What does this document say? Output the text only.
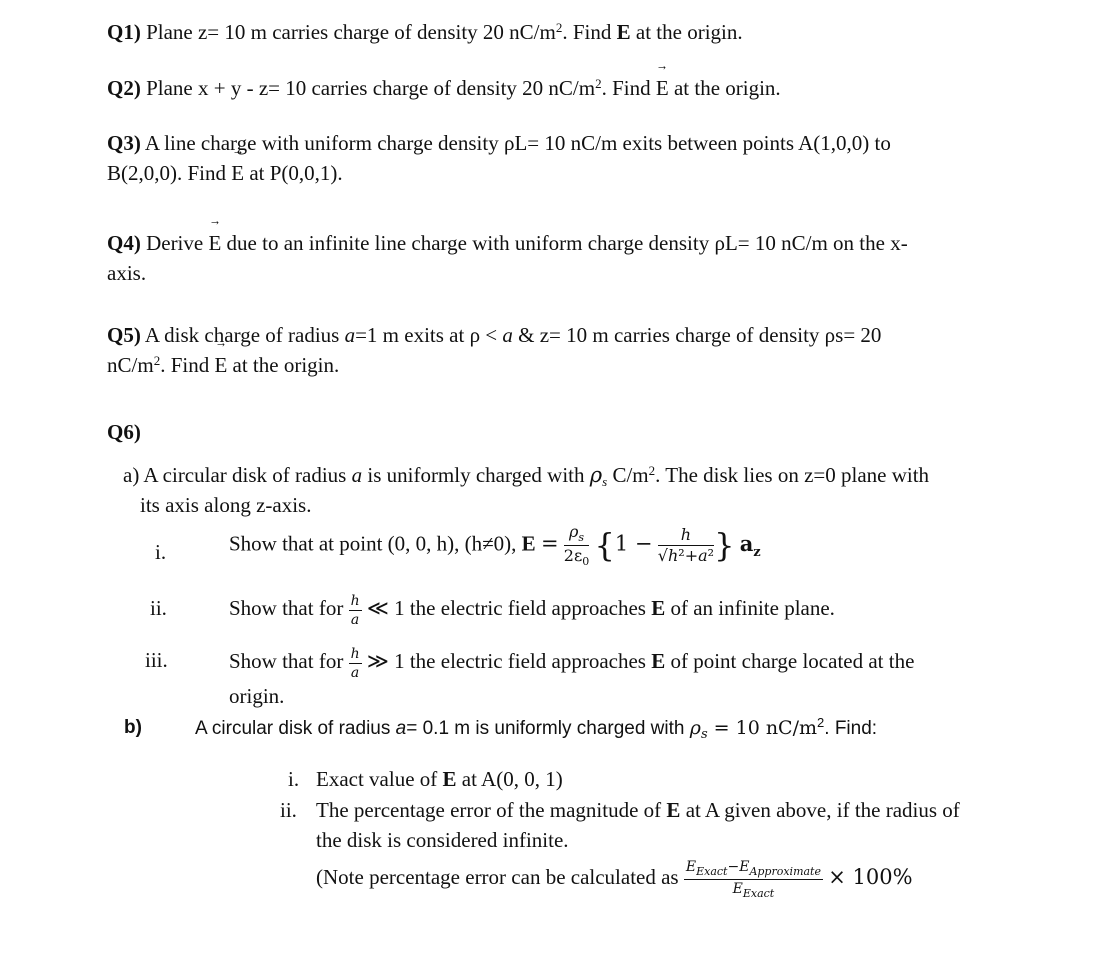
Q1) Plane z= 10 m carries charge of density 20 $nC/m^2$. Find E at the origin.
Q2) Plane x + y - z= 10 carries charge of density 20 $nC/m^2$. Find → E at the origin.
Q3) A line charge with uniform charge density ρL= 10 nC/m exits between points A(1,0,0) to
B(2,0,0). Find → E at P(0,0,1).
Q4) Derive → E due to an infinite line charge with uniform charge density ρL= 10 nC/m on the x-
axis.
Q5) A disk charge of radius a=1 m exits at ρ < a & z= 10 m carries charge of density ρs= 20
$nC/m^2$. Find → E at the origin.
Q6)
a) A circular disk of radius a is uniformly charged with $\rho_s$ $C/m^2$. The disk lies on z=0 plane with
its axis along z-axis.
i.	Show that at point (0, 0, h), (h≠0), $E = \frac{\rho_s}{2\varepsilon_0} \{1 - \frac{h}{\text{√h²+a²}}$ } $a_z$
ii.	Show that for $\frac{h}{a}$ ≪ 1 the electric field approaches E of an infinite plane.
iii.	Show that for $\frac{h}{a}$ ≫ 1 the electric field approaches E of point charge located at the
origin.
b)	A circular disk of radius a= 0.1 m is uniformly charged with $\rho_s = 10$ $nC/m^2$. Find:
i. Exact value of E at A(0, 0, 1)
ii. The percentage error of the magnitude of E at A given above, if the radius of
the disk is considered infinite.
(Note percentage error can be calculated as $\frac{E_{Exact}-E_{Approximate}}{E_{Exact}} \times 100\%$
